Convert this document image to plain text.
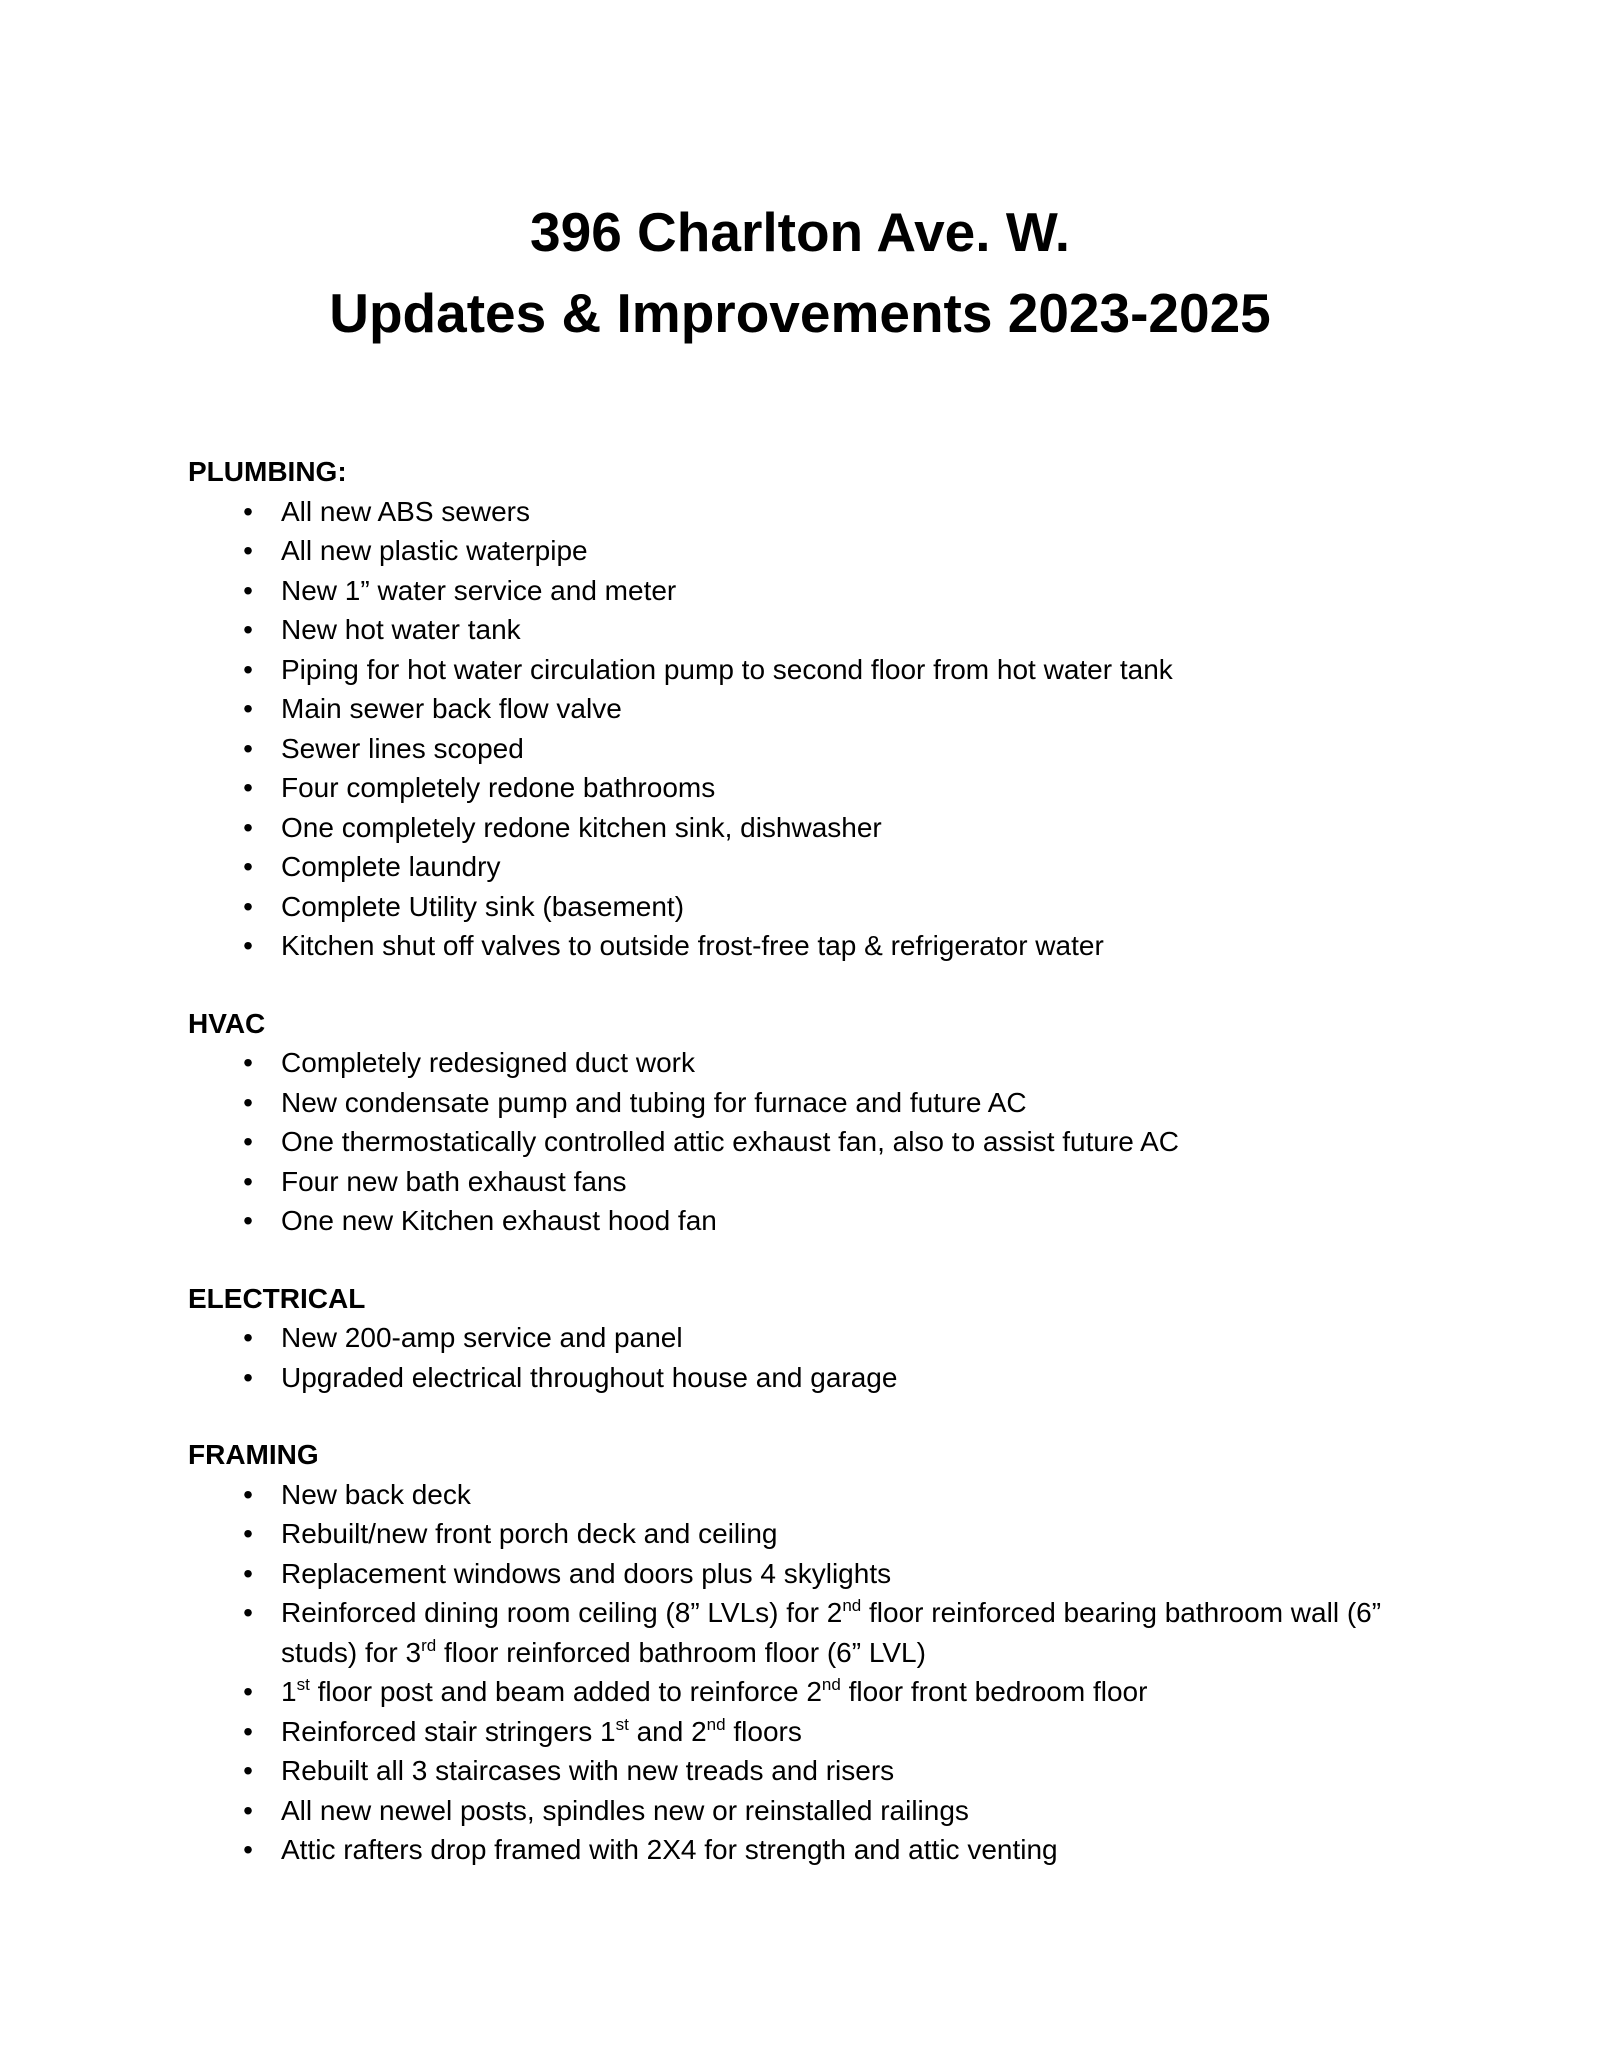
396 Charlton Ave. W.
Updates & Improvements 2023-2025
PLUMBING:
• All new ABS sewers
• All new plastic waterpipe
• New 1” water service and meter
• New hot water tank
• Piping for hot water circulation pump to second floor from hot water tank
• Main sewer back flow valve
• Sewer lines scoped
• Four completely redone bathrooms
• One completely redone kitchen sink, dishwasher
• Complete laundry
• Complete Utility sink (basement)
• Kitchen shut off valves to outside frost-free tap & refrigerator water
HVAC
• Completely redesigned duct work
• New condensate pump and tubing for furnace and future AC
• One thermostatically controlled attic exhaust fan, also to assist future AC
• Four new bath exhaust fans
• One new Kitchen exhaust hood fan
ELECTRICAL
• New 200-amp service and panel
• Upgraded electrical throughout house and garage
FRAMING
• New back deck
• Rebuilt/new front porch deck and ceiling
• Replacement windows and doors plus 4 skylights
• Reinforced dining room ceiling (8” LVLs) for 2nd floor reinforced bearing bathroom wall (6” studs) for 3rd floor reinforced bathroom floor (6” LVL)
• 1st floor post and beam added to reinforce 2nd floor front bedroom floor
• Reinforced stair stringers 1st and 2nd floors
• Rebuilt all 3 staircases with new treads and risers
• All new newel posts, spindles new or reinstalled railings
• Attic rafters drop framed with 2X4 for strength and attic venting
